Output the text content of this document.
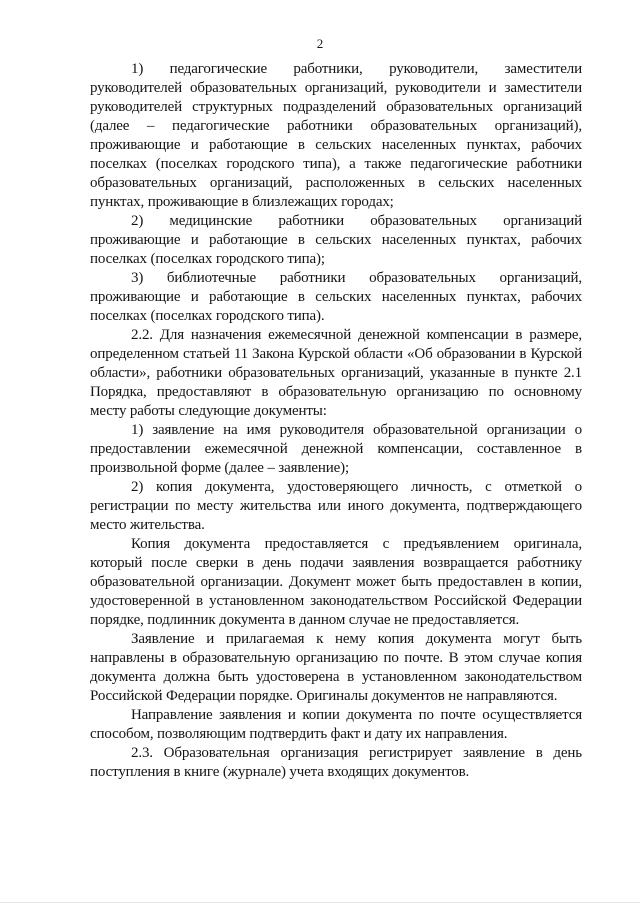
2

1) педагогические работники, руководители, заместители руководителей образовательных организаций, руководители и заместители руководителей структурных подразделений образовательных организаций (далее – педагогические работники образовательных организаций), проживающие и работающие в сельских населенных пунктах, рабочих поселках (поселках городского типа), а также педагогические работники образовательных организаций, расположенных в сельских населенных пунктах, проживающие в близлежащих городах;

2) медицинские работники образовательных организаций проживающие и работающие в сельских населенных пунктах, рабочих поселках (поселках городского типа);

3) библиотечные работники образовательных организаций, проживающие и работающие в сельских населенных пунктах, рабочих поселках (поселках городского типа).

2.2. Для назначения ежемесячной денежной компенсации в размере, определенном статьей 11 Закона Курской области «Об образовании в Курской области», работники образовательных организаций, указанные в пункте 2.1 Порядка, предоставляют в образовательную организацию по основному месту работы следующие документы:

1) заявление на имя руководителя образовательной организации о предоставлении ежемесячной денежной компенсации, составленное в произвольной форме (далее – заявление);

2) копия документа, удостоверяющего личность, с отметкой о регистрации по месту жительства или иного документа, подтверждающего место жительства.

Копия документа предоставляется с предъявлением оригинала, который после сверки в день подачи заявления возвращается работнику образовательной организации. Документ может быть предоставлен в копии, удостоверенной в установленном законодательством Российской Федерации порядке, подлинник документа в данном случае не предоставляется.

Заявление и прилагаемая к нему копия документа могут быть направлены в образовательную организацию по почте. В этом случае копия документа должна быть удостоверена в установленном законодательством Российской Федерации порядке. Оригиналы документов не направляются.

Направление заявления и копии документа по почте осуществляется способом, позволяющим подтвердить факт и дату их направления.

2.3. Образовательная организация регистрирует заявление в день поступления в книге (журнале) учета входящих документов.
